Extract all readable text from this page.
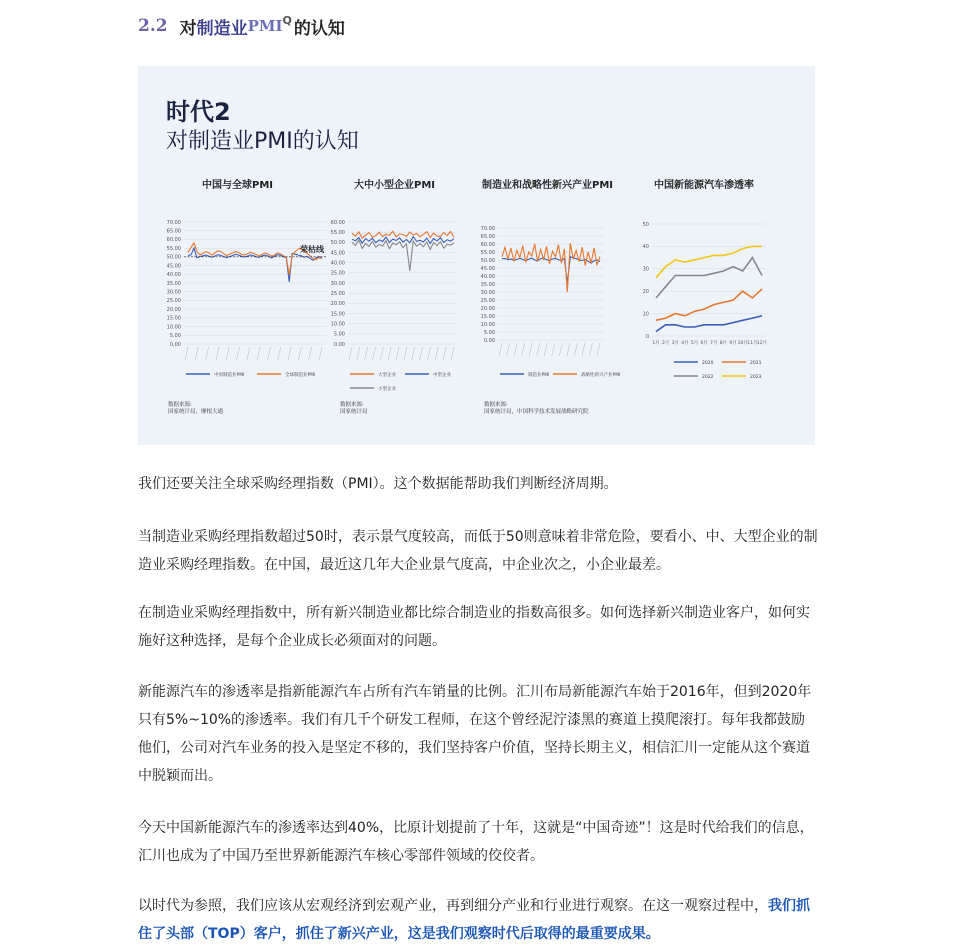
2.2 对 制造业 PMI Q 的认知
时代2
对制造业PMI的认知
中国与全球PMI	大中小型企业PMI	制造业和战略性新兴产业PMI	中国新能源汽车渗透率
70.00
65.00
60.00
55.00
50.00
45.00
40.00
35.00
30.00
25.00
20.00
15.00
10.00
5.00
0.00
中国制造业PMI	全球制造业PMI
60.00
55.00
50.00
45.00
40.00
35.00
30.00
25.00
20.00
15.00
10.00
5.00
0.00
大型企业	中型企业
小型企业
70.00
65.00
60.00
55.00
50.00
45.00
40.00
35.00
30.00
25.00
20.00
15.00
10.00
5.00
0.00
制造业PMI	战略性新兴产业PMI
50
40
30
20
10
0
1月 2月 3月 4月 5月 6月 7月 8月 9月 10月 11月 12月
2020	2021
2022	2023
荣枯线
数据来源:
国家统计局，摩根大通
数据来源:
国家统计局
数据来源:
国家统计局，中国科学技术发展战略研究院

我们还要关注全球采购经理指数（PMI）。这个数据能帮助我们判断经济周期。

当制造业采购经理指数超过50时，表示景气度较高，而低于50则意味着非常危险，要看小、中、大型企业的制造业采购经理指数。在中国，最近这几年大企业景气度高，中企业次之，小企业最差。

在制造业采购经理指数中，所有新兴制造业都比综合制造业的指数高很多。如何选择新兴制造业客户，如何实施好这种选择，是每个企业成长必须面对的问题。

新能源汽车的渗透率是指新能源汽车占所有汽车销量的比例。汇川布局新能源汽车始于2016年，但到2020年只有5%~10%的渗透率。我们有几千个研发工程师，在这个曾经泥泞漆黑的赛道上摸爬滚打。每年我都鼓励他们，公司对汽车业务的投入是坚定不移的，我们坚持客户价值，坚持长期主义，相信汇川一定能从这个赛道中脱颖而出。

今天中国新能源汽车的渗透率达到40%，比原计划提前了十年，这就是“中国奇迹”！这是时代给我们的信息，汇川也成为了中国乃至世界新能源汽车核心零部件领域的佼佼者。

以时代为参照，我们应该从宏观经济到宏观产业，再到细分产业和行业进行观察。在这一观察过程中，我们抓住了头部（TOP）客户，抓住了新兴产业，这是我们观察时代后取得的最重要成果。
